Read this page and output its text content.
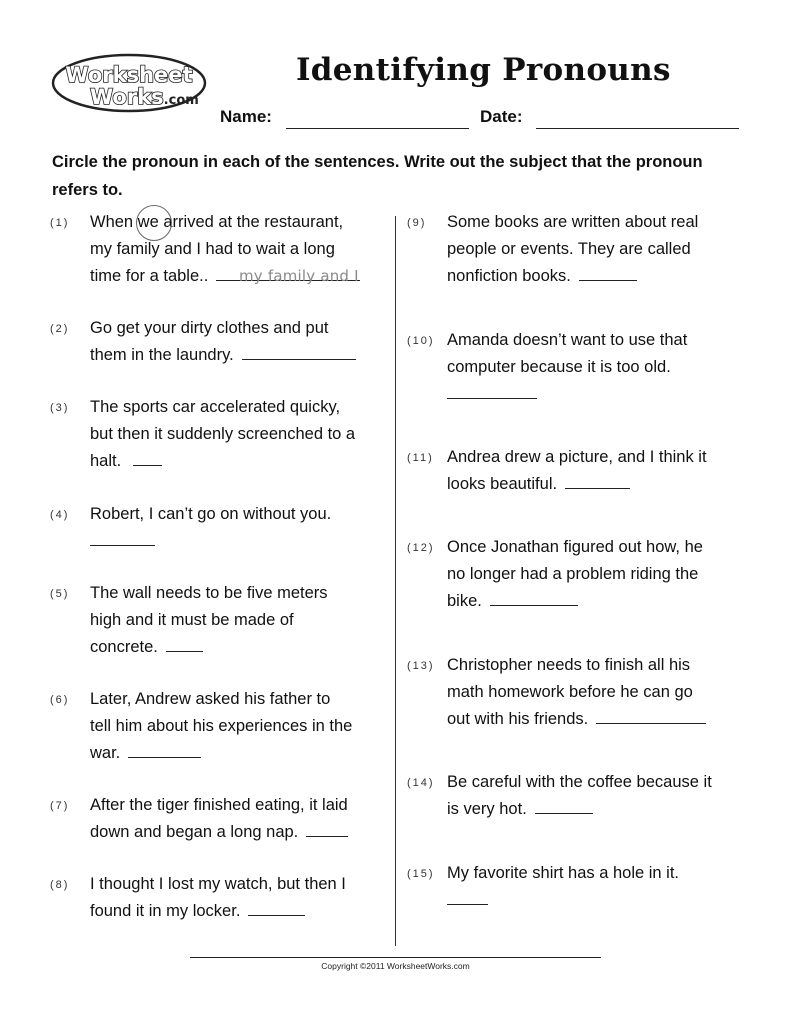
Worksheet
Works.com
Identifying Pronouns
Name:	Date:

Circle the pronoun in each of the sentences. Write out the subject that the pronoun refers to.

(1) When we arrived at the restaurant,
my family and I had to wait a long
time for a table..	my family and I
(2) Go get your dirty clothes and put
them in the laundry.
(3) The sports car accelerated quicky,
but then it suddenly screenched to a
halt.
(4) Robert, I can’t go on without you.
(5) The wall needs to be five meters
high and it must be made of
concrete.
(6) Later, Andrew asked his father to
tell him about his experiences in the
war.
(7) After the tiger finished eating, it laid
down and began a long nap.
(8) I thought I lost my watch, but then I
found it in my locker.
(9) Some books are written about real
people or events. They are called
nonfiction books.
(10) Amanda doesn’t want to use that
computer because it is too old.
(11) Andrea drew a picture, and I think it
looks beautiful.
(12) Once Jonathan figured out how, he
no longer had a problem riding the
bike.
(13) Christopher needs to finish all his
math homework before he can go
out with his friends.
(14) Be careful with the coffee because it
is very hot.
(15) My favorite shirt has a hole in it.
Copyright ©2011 WorksheetWorks.com
